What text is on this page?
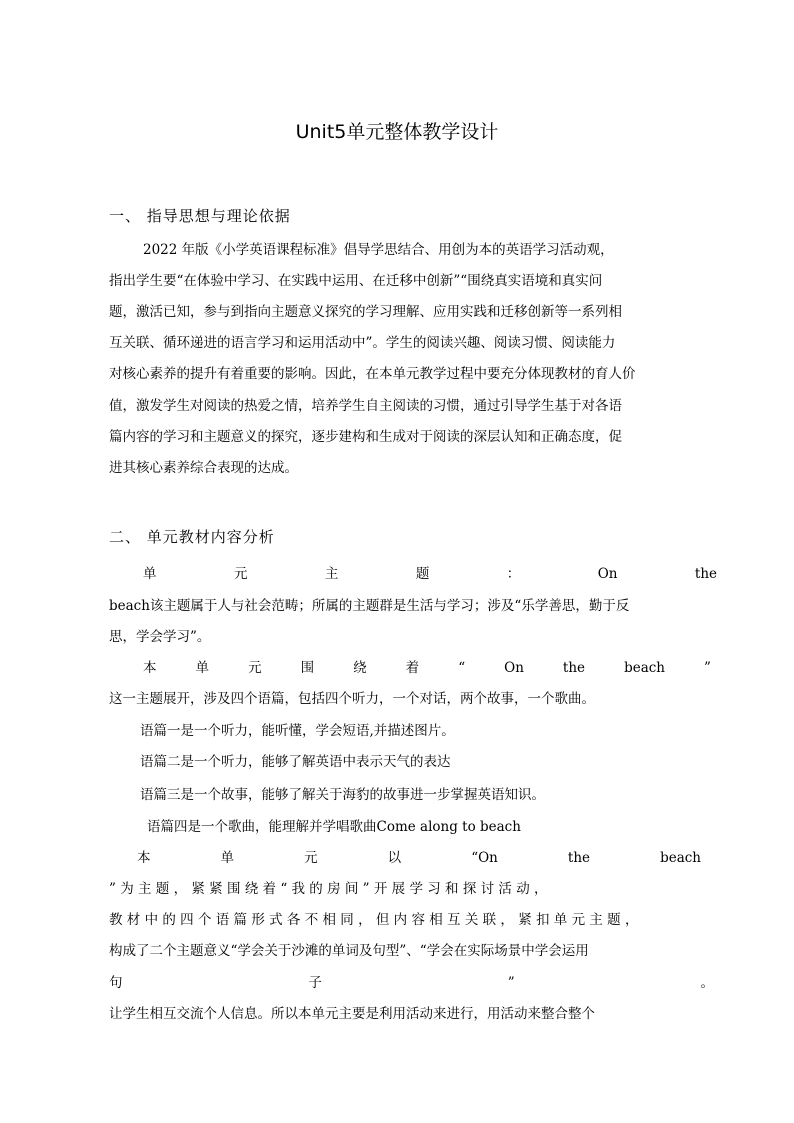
Unit5单元整体教学设计
一、 指导思想与理论依据
2022 年版《小学英语课程标准》倡导学思结合、用创为本的英语学习活动观，
指出学生要“在体验中学习、在实践中运用、在迁移中创新”“围绕真实语境和真实问
题，激活已知，参与到指向主题意义探究的学习理解、应用实践和迁移创新等一系列相
互关联、循环递进的语言学习和运用活动中”。学生的阅读兴趣、阅读习惯、阅读能力
对核心素养的提升有着重要的影响。因此，在本单元教学过程中要充分体现教材的育人价
值，激发学生对阅读的热爱之情，培养学生自主阅读的习惯，通过引导学生基于对各语
篇内容的学习和主题意义的探究，逐步建构和生成对于阅读的深层认知和正确态度，促
进其核心素养综合表现的达成。
二、 单元教材内容分析
单	元	主	题	：	On	the
beach该主题属于人与社会范畴；所属的主题群是生活与学习；涉及“乐学善思，勤于反
思，学会学习”。
本	单	元	围	绕	着	“	On	the	beach	”
这一主题展开，涉及四个语篇，包括四个听力，一个对话，两个故事，一个歌曲。
语篇一是一个听力，能听懂，学会短语,并描述图片。
语篇二是一个听力，能够了解英语中表示天气的表达
语篇三是一个故事，能够了解关于海豹的故事进一步掌握英语知识。
语篇四是一个歌曲，能理解并学唱歌曲Come along to beach
本	单	元	以	“On	the	beach
” 为 主 题 ， 紧 紧 围 绕 着 “ 我 的 房 间 ” 开 展 学 习 和 探 讨 活 动 ，
教 材 中 的 四 个 语 篇 形 式 各 不 相 同 ， 但 内 容 相 互 关 联 ， 紧 扣 单 元 主 题 ，
构成了二个主题意义“学会关于沙滩的单词及句型”、“学会在实际场景中学会运用
句	子	”	。
让学生相互交流个人信息。所以本单元主要是利用活动来进行，用活动来整合整个
